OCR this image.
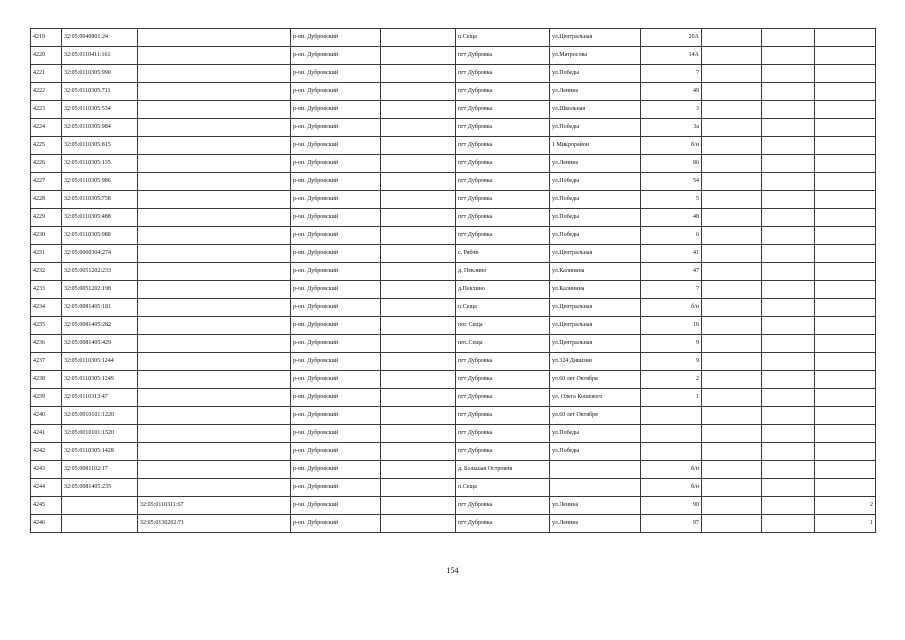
4219	32:05:0040801:24		р-он. Дубровский		п.Сеща	ул.Центральная	20А			
4220	32:05:0110411:161		р-он. Дубровский		пгт Дубровка	ул.Матросова	14А			
4221	32:05:0110305:990		р-он. Дубровский		пгт Дубровка	ул.Победы	7			
4222	32:05:0110305:711		р-он. Дубровский		пгт Дубровка	ул.Ленина	49			
4223	32:05:0110305:534		р-он. Дубровский		пгт Дубровка	ул.Школьная	3			
4224	32:05:0110305:984		р-он. Дубровский		пгт Дубровка	ул.Победы	3а			
4225	32:05:0110305:815		р-он. Дубровский		пгт Дубровка	1 Микрорайон	б/н			
4226	32:05:0110305:135		р-он. Дубровский		пгт Дубровка	ул.Ленина	86			
4227	32:05:0110305:986		р-он. Дубровский		пгт Дубровка	ул.Победы	54			
4228	32:05:0110305:758		р-он. Дубровский		пгт Дубровка	ул.Победы	5			
4229	32:05:0110305:488		р-он. Дубровский		пгт Дубровка	ул.Победы	48			
4230	32:05:0110305:988		р-он. Дубровский		пгт Дубровка	ул.Победы	6			
4231	32:05:0060304:274		р-он. Дубровский		с. Рябчи	ул.Центральная	41			
4232	32:05:0051202:233		р-он. Дубровский		д. Пеклино	ул.Калинина	47			
4233	32:05:0051202:198		р-он. Дубровский		д.Пеклино	ул.Калинина	7			
4234	32:05:0081405:181		р-он. Дубровский		п.Сеща	ул.Центральная	б/н			
4235	32:05:0081405:282		р-он. Дубровский		пос Сеща	ул.Центральная	16			
4236	32:05:0081405:429		р-он. Дубровский		пос.Сеща	ул.Центральная	9			
4237	32:05:0110305:1244		р-он. Дубровский		пгт Дубровка	ул.324 Дивизии	9			
4238	32:05:0110305:1249		р-он. Дубровский		пгт Дубровка	ул.60 лет Октября	2			
4239	32:05:0110313:47		р-он. Дубровский		пгт Дубровка	ул. Олега Кошевого	1			
4240	32:05:0010101:1220		р-он. Дубровский		пгт Дубровка	ул.60 лет Октября				
4241	32:05:0010101:1520		р-он. Дубровский		пгт Дубровка	ул.Победы				
4242	32:05:0110305:1428		р-он. Дубровский		пгт Дубровка	ул.Победы				
4243	32:05:0081102:17		р-он. Дубровский		д. Большая Островня		б/н			
4244	32:05:0081405:235		р-он. Дубровский		п.Сеща		б/н			
4245		32:05:0110311:67	р-он. Дубровский		пгт Дубровка	ул.Ленина	90			2
4246		32:05:0130202:71	р-он. Дубровский		пгт Дубровка	ул.Ленина	97			1
154
